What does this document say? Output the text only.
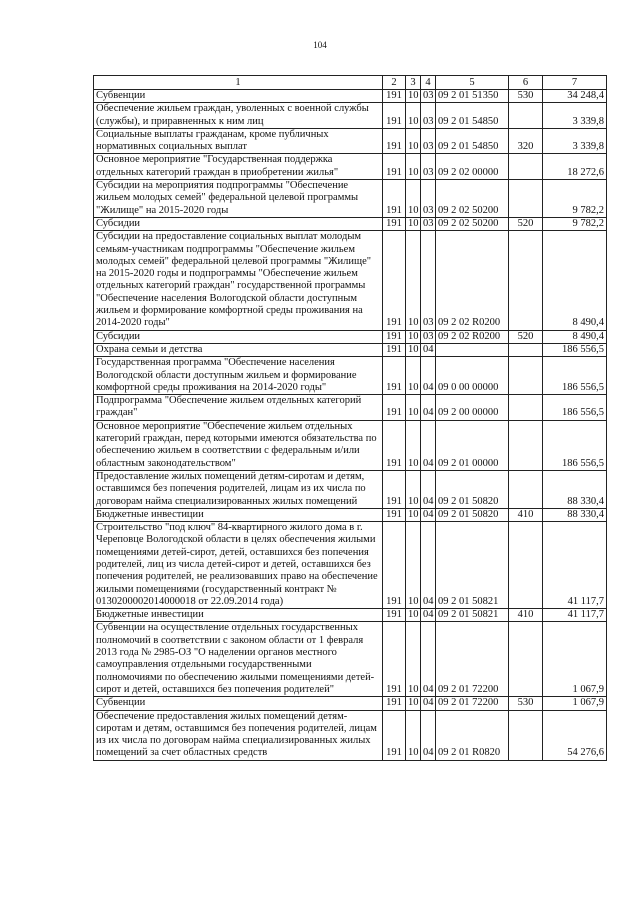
104
1	2	3	4	5	6	7
Субвенции	191	10	03	09 2 01 51350	530	34 248,4
Обеспечение жильем граждан, уволенных с военной службы (службы), и приравненных к ним лиц	191	10	03	09 2 01 54850		3 339,8
Социальные выплаты гражданам, кроме публичных нормативных социальных выплат	191	10	03	09 2 01 54850	320	3 339,8
Основное мероприятие "Государственная поддержка отдельных категорий граждан в приобретении жилья"	191	10	03	09 2 02 00000		18 272,6
Субсидии на мероприятия подпрограммы "Обеспечение жильем молодых семей" федеральной целевой программы "Жилище" на 2015-2020 годы	191	10	03	09 2 02 50200		9 782,2
Субсидии	191	10	03	09 2 02 50200	520	9 782,2
Субсидии на предоставление социальных выплат молодым семьям-участникам подпрограммы "Обеспечение жильем молодых семей" федеральной целевой программы "Жилище" на 2015-2020 годы и подпрограммы "Обеспечение жильем отдельных категорий граждан" государственной программы "Обеспечение населения Вологодской области доступным жильем и формирование комфортной среды проживания на 2014-2020 годы"	191	10	03	09 2 02 R0200		8 490,4
Субсидии	191	10	03	09 2 02 R0200	520	8 490,4
Охрана семьи и детства	191	10	04			186 556,5
Государственная программа "Обеспечение населения Вологодской области доступным жильем и формирование комфортной среды проживания на 2014-2020 годы"	191	10	04	09 0 00 00000		186 556,5
Подпрограмма "Обеспечение жильем отдельных категорий граждан"	191	10	04	09 2 00 00000		186 556,5
Основное мероприятие "Обеспечение жильем отдельных категорий граждан, перед которыми имеются обязательства по обеспечению жильем в соответствии с федеральным и/или областным законодательством"	191	10	04	09 2 01 00000		186 556,5
Предоставление жилых помещений детям-сиротам и детям, оставшимся без попечения родителей, лицам из их числа по договорам найма специализированных жилых помещений	191	10	04	09 2 01 50820		88 330,4
Бюджетные инвестиции	191	10	04	09 2 01 50820	410	88 330,4
Строительство "под ключ" 84-квартирного жилого дома в г. Череповце Вологодской области в целях обеспечения жилыми помещениями детей-сирот, детей, оставшихся без попечения родителей, лиц из числа детей-сирот и детей, оставшихся без попечения родителей, не реализовавших право на обеспечение жилыми помещениями (государственный контракт № 0130200002014000018 от 22.09.2014 года)	191	10	04	09 2 01 50821		41 117,7
Бюджетные инвестиции	191	10	04	09 2 01 50821	410	41 117,7
Субвенции на осуществление отдельных государственных полномочий в соответствии с законом области от 1 февраля 2013 года № 2985-ОЗ "О наделении органов местного самоуправления отдельными государственными полномочиями по обеспечению жилыми помещениями детей-сирот и детей, оставшихся без попечения родителей"	191	10	04	09 2 01 72200		1 067,9
Субвенции	191	10	04	09 2 01 72200	530	1 067,9
Обеспечение предоставления жилых помещений детям-сиротам и детям, оставшимся без попечения родителей, лицам из их числа по договорам найма специализированных жилых помещений за счет областных средств	191	10	04	09 2 01 R0820		54 276,6
